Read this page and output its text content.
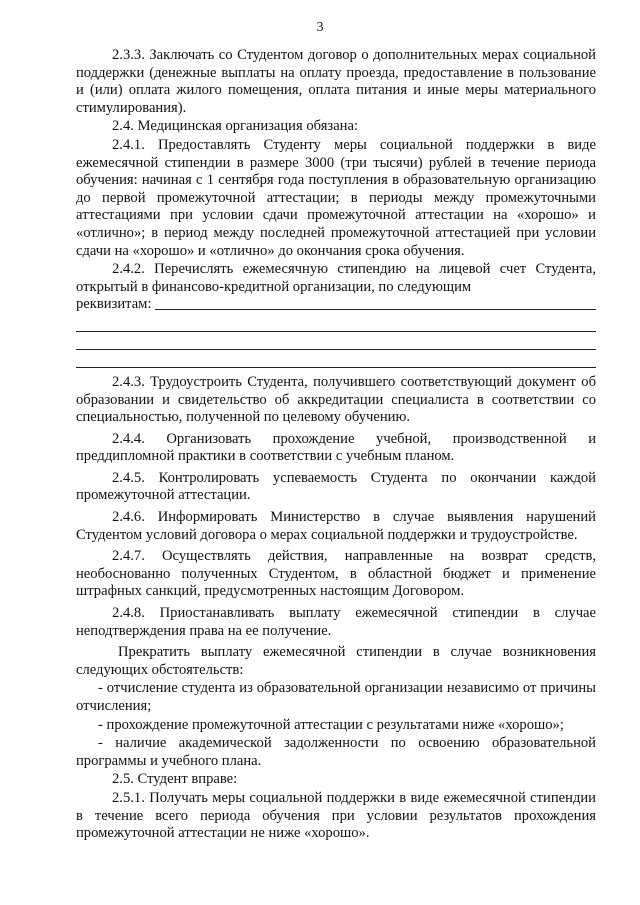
3

2.3.3. Заключать со Студентом договор о дополнительных мерах социальной поддержки (денежные выплаты на оплату проезда, предоставление в пользование и (или) оплата жилого помещения, оплата питания и иные меры материального стимулирования).

2.4. Медицинская организация обязана:

2.4.1. Предоставлять Студенту меры социальной поддержки в виде ежемесячной стипендии в размере 3000 (три тысячи) рублей в течение периода обучения: начиная с 1 сентября года поступления в образовательную организацию до первой промежуточной аттестации; в периоды между промежуточными аттестациями при условии сдачи промежуточной аттестации на «хорошо» и «отлично»; в период между последней промежуточной аттестацией при условии сдачи на «хорошо» и «отлично» до окончания срока обучения.

2.4.2. Перечислять ежемесячную стипендию на лицевой счет Студента, открытый в финансово-кредитной организации, по следующим

реквизитам:

2.4.3. Трудоустроить Студента, получившего соответствующий документ об образовании и свидетельство об аккредитации специалиста в соответствии со специальностью, полученной по целевому обучению.

2.4.4. Организовать прохождение учебной, производственной и преддипломной практики в соответствии с учебным планом.

2.4.5. Контролировать успеваемость Студента по окончании каждой промежуточной аттестации.

2.4.6. Информировать Министерство в случае выявления нарушений Студентом условий договора о мерах социальной поддержки и трудоустройстве.

2.4.7. Осуществлять действия, направленные на возврат средств, необоснованно полученных Студентом, в областной бюджет и применение штрафных санкций, предусмотренных настоящим Договором.

2.4.8. Приостанавливать выплату ежемесячной стипендии в случае неподтверждения права на ее получение.

Прекратить выплату ежемесячной стипендии в случае возникновения следующих обстоятельств:

- отчисление студента из образовательной организации независимо от причины отчисления;

- прохождение промежуточной аттестации с результатами ниже «хорошо»;

- наличие академической задолженности по освоению образовательной программы и учебного плана.

2.5. Студент вправе:

2.5.1. Получать меры социальной поддержки в виде ежемесячной стипендии в течение всего периода обучения при условии результатов прохождения промежуточной аттестации не ниже «хорошо».
